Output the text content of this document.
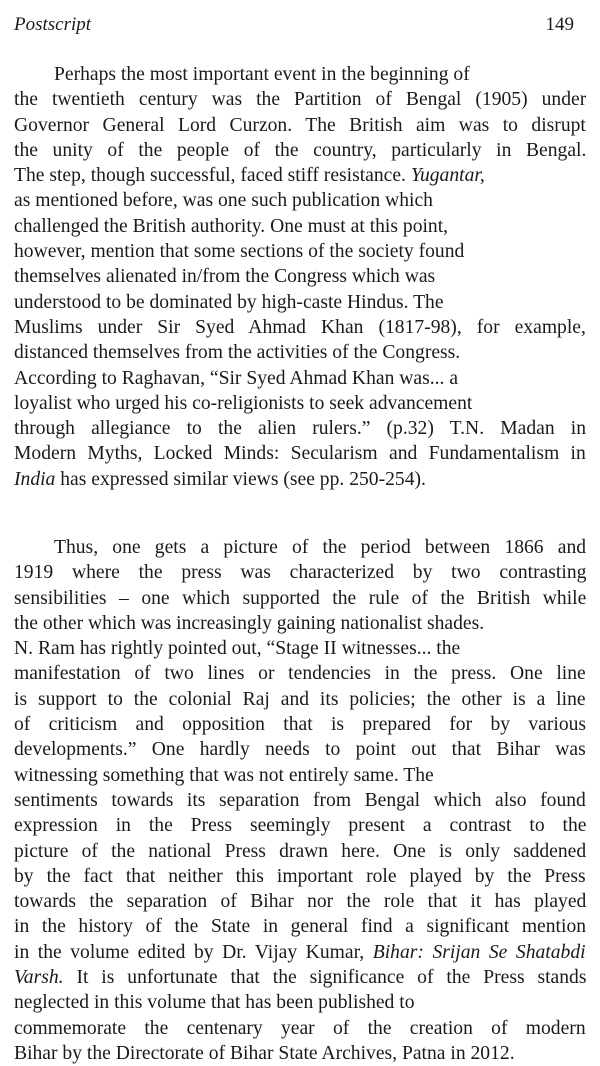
Postscript	149
Perhaps the most important event in the beginning of
the twentieth century was the Partition of Bengal (1905) under
Governor General Lord Curzon. The British aim was to disrupt
the unity of the people of the country, particularly in Bengal.
The step, though successful, faced stiff resistance. Yugantar,
as mentioned before, was one such publication which
challenged the British authority. One must at this point,
however, mention that some sections of the society found
themselves alienated in/from the Congress which was
understood to be dominated by high-caste Hindus. The
Muslims under Sir Syed Ahmad Khan (1817-98), for example,
distanced themselves from the activities of the Congress.
According to Raghavan, “Sir Syed Ahmad Khan was... a
loyalist who urged his co-religionists to seek advancement
through allegiance to the alien rulers.” (p.32) T.N. Madan in
Modern Myths, Locked Minds: Secularism and Fundamentalism in
India has expressed similar views (see pp. 250-254).
Thus, one gets a picture of the period between 1866 and
1919 where the press was characterized by two contrasting
sensibilities – one which supported the rule of the British while
the other which was increasingly gaining nationalist shades.
N. Ram has rightly pointed out, “Stage II witnesses... the
manifestation of two lines or tendencies in the press. One line
is support to the colonial Raj and its policies; the other is a line
of criticism and opposition that is prepared for by various
developments.” One hardly needs to point out that Bihar was
witnessing something that was not entirely same. The
sentiments towards its separation from Bengal which also found
expression in the Press seemingly present a contrast to the
picture of the national Press drawn here. One is only saddened
by the fact that neither this important role played by the Press
towards the separation of Bihar nor the role that it has played
in the history of the State in general find a significant mention
in the volume edited by Dr. Vijay Kumar, Bihar: Srijan Se Shatabdi
Varsh. It is unfortunate that the significance of the Press stands
neglected in this volume that has been published to
commemorate the centenary year of the creation of modern
Bihar by the Directorate of Bihar State Archives, Patna in 2012.
